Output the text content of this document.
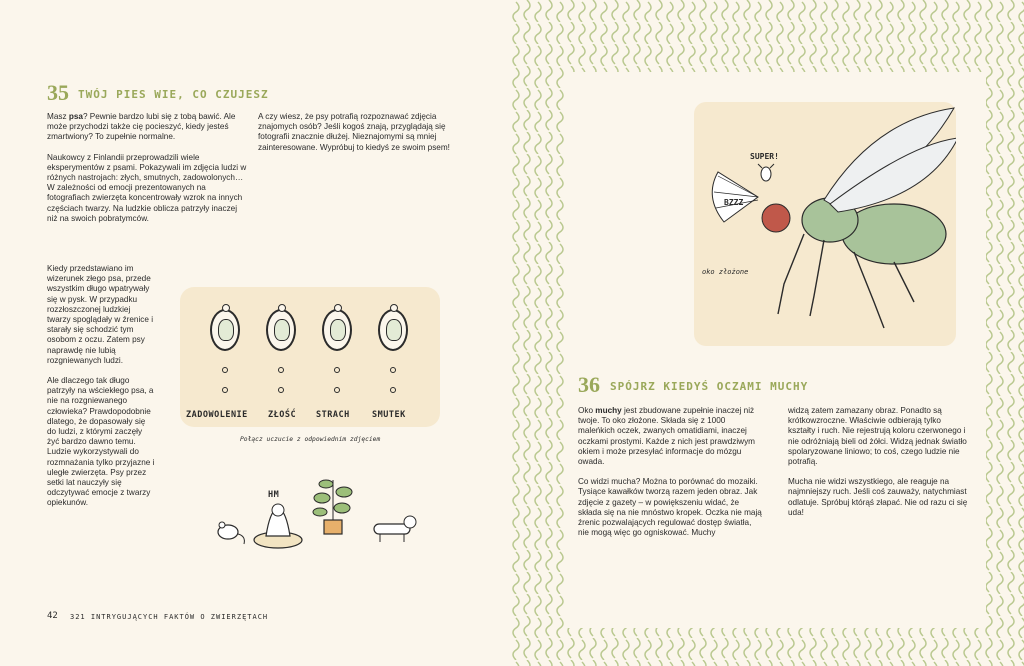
35 TWÓJ PIES WIE, CO CZUJESZ

Masz psa? Pewnie bardzo lubi się z tobą bawić. Ale może przychodzi także cię pocieszyć, kiedy jesteś zmartwiony? To zupełnie normalne.

Naukowcy z Finlandii przeprowadzili wiele eksperymentów z psami. Pokazywali im zdjęcia ludzi w różnych nastrojach: złych, smutnych, zadowolonych… W zależności od emocji prezentowanych na fotografiach zwierzęta koncentrowały wzrok na innych częściach twarzy. Na ludzkie oblicza patrzyły inaczej niż na swoich pobratymców.

Kiedy przedstawiano im wizerunek złego psa, przede wszystkim długo wpatrywały się w pysk. W przypadku rozzłoszczonej ludzkiej twarzy spoglądały w źrenice i starały się schodzić tym osobom z oczu. Zatem psy naprawdę nie lubią rozgniewanych ludzi.

Ale dlaczego tak długo patrzyły na wściekłego psa, a nie na rozgniewanego człowieka? Prawdopodobnie dlatego, że dopasowały się do ludzi, z którymi zaczęły żyć bardzo dawno temu. Ludzie wykorzystywali do rozmnażania tylko przyjazne i uległe zwierzęta. Psy przez setki lat nauczyły się odczytywać emocje z twarzy opiekunów.

A czy wiesz, że psy potrafią rozpoznawać zdjęcia znajomych osób? Jeśli kogoś znają, przyglądają się fotografii znacznie dłużej. Nieznajomymi są mniej zainteresowane. Wypróbuj to kiedyś ze swoim psem!

ZADOWOLENIE ZŁOŚĆ STRACH	SMUTEK
Połącz uczucie z odpowiednim zdjęciem
HM
42 321 INTRYGUJĄCYCH FAKTÓW O ZWIERZĘTACH
SUPER!
BZZZ
oko złożone
36 SPÓJRZ KIEDYŚ OCZAMI MUCHY

Oko muchy jest zbudowane zupełnie inaczej niż twoje. To oko złożone. Składa się z 1000 maleńkich oczek, zwanych omatidiami, inaczej oczkami prostymi. Każde z nich jest prawdziwym okiem i może przesyłać informacje do mózgu owada.

Co widzi mucha? Można to porównać do mozaiki. Tysiące kawałków tworzą razem jeden obraz. Jak zdjęcie z gazety – w powiększeniu widać, że składa się na nie mnóstwo kropek. Oczka nie mają źrenic pozwalających regulować dostęp światła, nie mogą więc go ogniskować. Muchy

widzą zatem zamazany obraz. Ponadto są krótkowzroczne. Właściwie odbierają tylko kształty i ruch. Nie rejestrują koloru czerwonego i nie odróżniają bieli od żółci. Widzą jednak światło spolaryzowane liniowo; to coś, czego ludzie nie potrafią.

Mucha nie widzi wszystkiego, ale reaguje na najmniejszy ruch. Jeśli coś zauważy, natychmiast odlatuje. Spróbuj którąś złapać. Nie od razu ci się uda!
